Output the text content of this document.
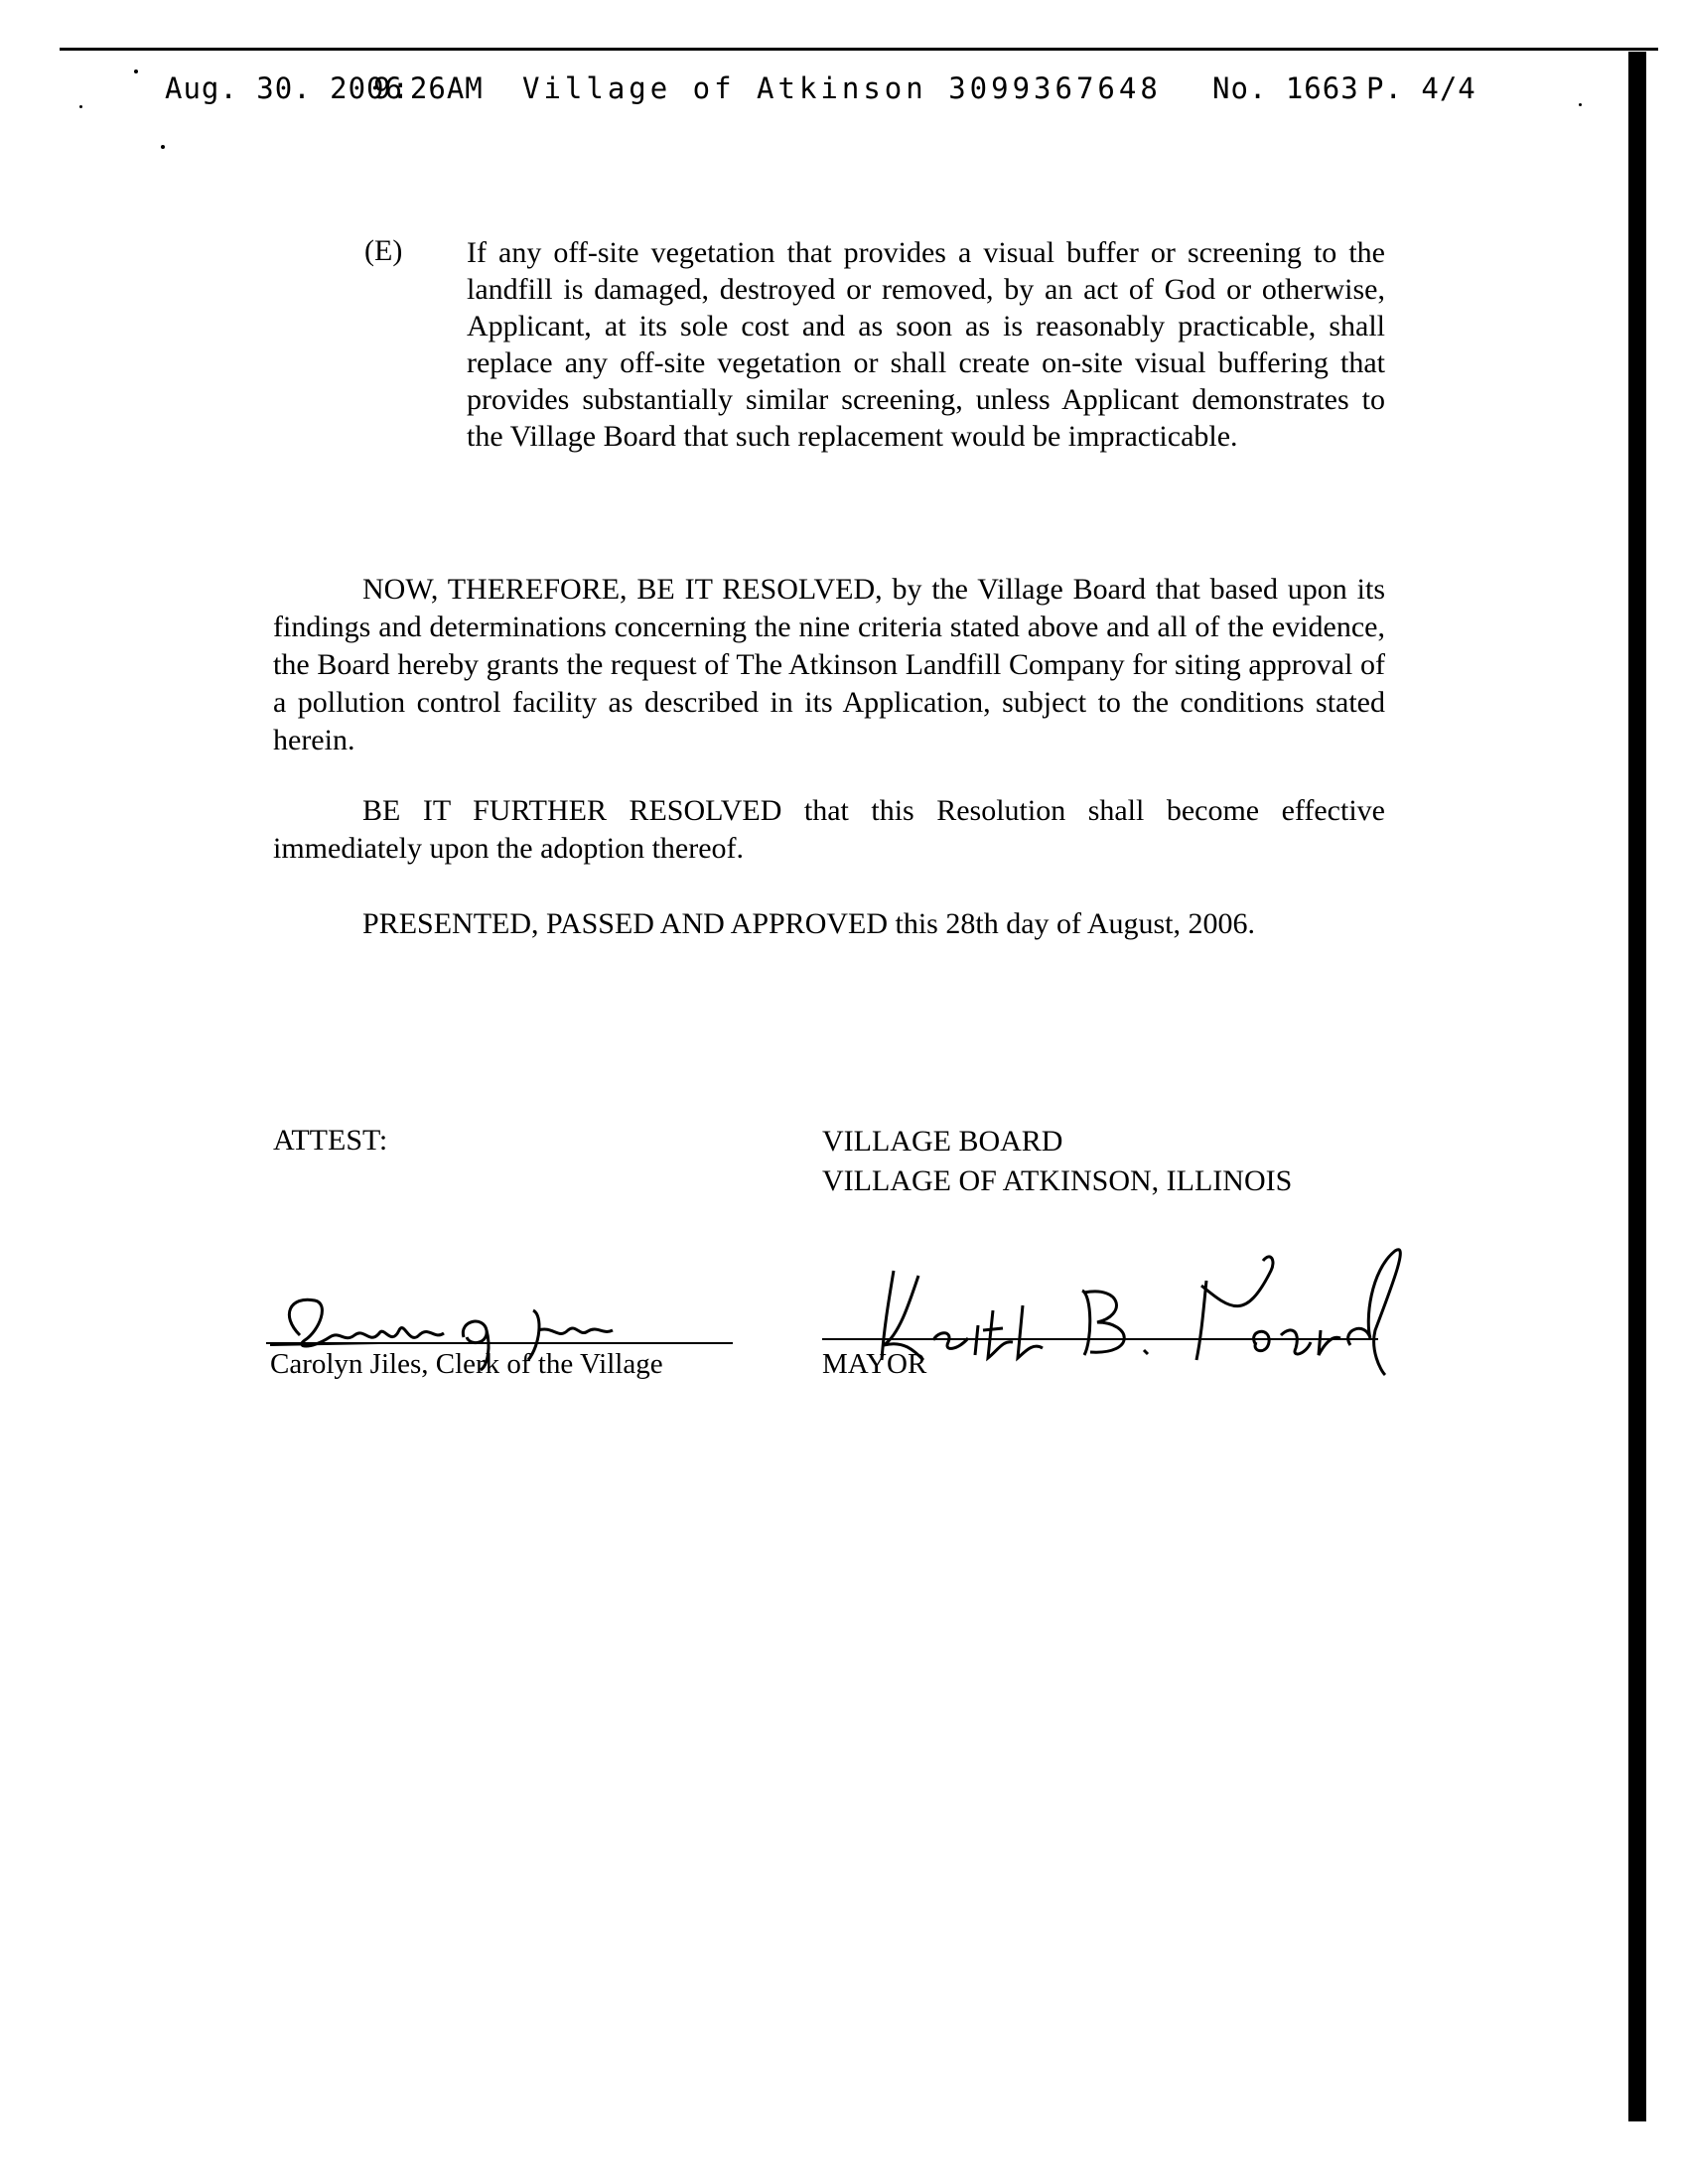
Aug. 30. 2006

9:26AM

Village of Atkinson 3099367648

No. 1663

P. 4/4

(E) If any off-site vegetation that provides a visual buffer or screening to the landfill is damaged, destroyed or removed, by an act of God or otherwise, Applicant, at its sole cost and as soon as is reasonably practicable, shall replace any off-site vegetation or shall create on-site visual buffering that provides substantially similar screening, unless Applicant demonstrates to the Village Board that such replacement would be impracticable.
NOW, THEREFORE, BE IT RESOLVED, by the Village Board that based upon its findings and determinations concerning the nine criteria stated above and all of the evidence, the Board hereby grants the request of The Atkinson Landfill Company for siting approval of a pollution control facility as described in its Application, subject to the conditions stated herein.
BE IT FURTHER RESOLVED that this Resolution shall become effective immediately upon the adoption thereof.
PRESENTED, PASSED AND APPROVED this 28th day of August, 2006.
ATTEST:	VILLAGE BOARD
VILLAGE OF ATKINSON, ILLINOIS
Carolyn Jiles, Clerk of the Village	MAYOR
